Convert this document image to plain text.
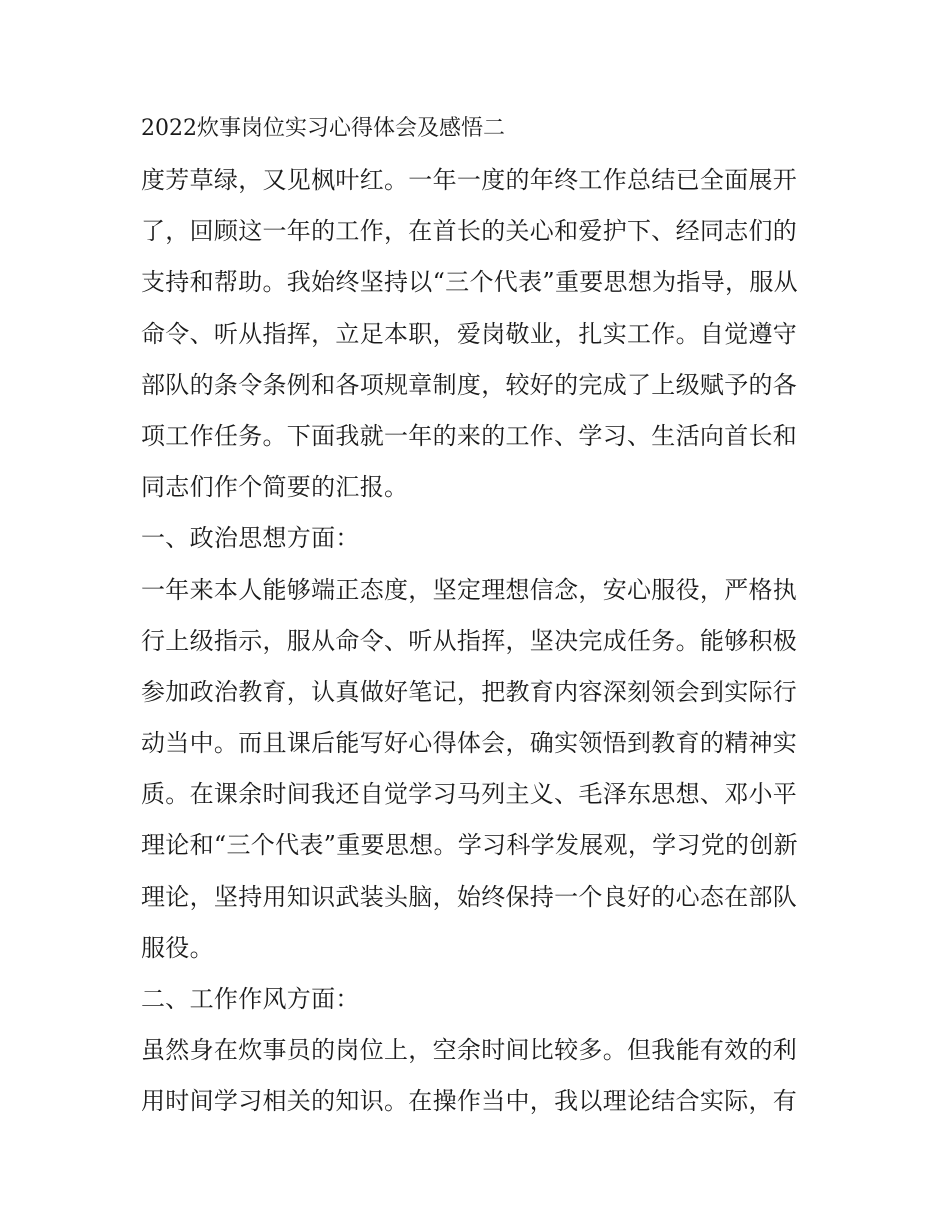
2022炊事岗位实习心得体会及感悟二
度芳草绿，又见枫叶红。一年一度的年终工作总结已全面展开
了，回顾这一年的工作，在首长的关心和爱护下、经同志们的
支持和帮助。我始终坚持以“三个代表”重要思想为指导，服从
命令、听从指挥，立足本职，爱岗敬业，扎实工作。自觉遵守
部队的条令条例和各项规章制度，较好的完成了上级赋予的各
项工作任务。下面我就一年的来的工作、学习、生活向首长和
同志们作个简要的汇报。
一、政治思想方面：
一年来本人能够端正态度，坚定理想信念，安心服役，严格执
行上级指示，服从命令、听从指挥，坚决完成任务。能够积极
参加政治教育，认真做好笔记，把教育内容深刻领会到实际行
动当中。而且课后能写好心得体会，确实领悟到教育的精神实
质。在课余时间我还自觉学习马列主义、毛泽东思想、邓小平
理论和“三个代表”重要思想。学习科学发展观，学习党的创新
理论，坚持用知识武装头脑，始终保持一个良好的心态在部队
服役。
二、工作作风方面：
虽然身在炊事员的岗位上，空余时间比较多。但我能有效的利
用时间学习相关的知识。在操作当中，我以理论结合实际，有
